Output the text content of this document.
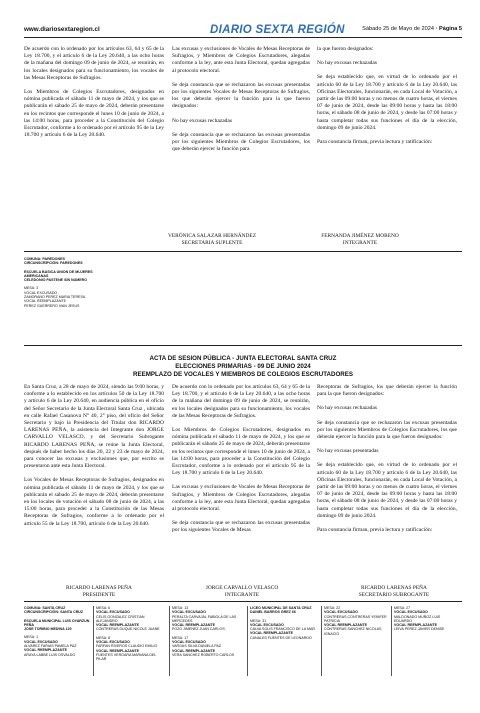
www.diariosextaregion.cl	DIARIO SEXTA REGIÓN	Sábado 25 de Mayo de 2024 · Página 5

De acuerdo con lo ordenado por los artículos 63, 64 y 65 de la Ley 18.700, y el artículo 6 de la Ley 20.640, a las ocho horas de la mañana del domingo 09 de junio de 2024, se reunirán, en los locales designados para su funcionamiento, los vocales de las Mesas Receptoras de Sufragios.

Los Miembros de Colegios Escrutadores, designados en nómina publicada el sábado 11 de mayo de 2024, y los que se publicarán el sábado 25 de mayo de 2024, deberán presentarse en los recintos que corresponde el lunes 10 de junio de 2024, a las 14:00 horas, para proceder a la Constitución del Colegio Escrutador, conforme a lo ordenado por el artículo 95 de la Ley 18.700 y artículo 6 de la Ley 20.640.

Las excusas y exclusiones de Vocales de Mesas Receptoras de Sufragios, y Miembros de Colegios Escrutadores, alegadas conforme a la ley, ante esta Junta Electoral, quedan agregadas al protocolo electoral.

Se deja constancia que se rechazaron las excusas presentadas por los siguientes Vocales de Mesas Receptoras de Sufragios, los que deberán ejercer la función para la que fueron designados:

No hay excusas rechazadas

Se deja constancia que se rechazaron las excusas presentadas por los siguientes Miembros de Colegios Escrutadores, los que deberán ejercer la función para

la que fueron designados:

No hay excusas rechazadas

Se deja establecido que, en virtud de lo ordenado por el artículo 60 de la Ley 18.700 y artículo 6 de la Ley 20.640, las Oficinas Electorales, funcionarán, en cada Local de Votación, a partir de las 09:00 horas y no menos de cuatro horas, el viernes 07 de junio de 2024, desde las 09:00 horas y hasta las 18:00 horas, el sábado 08 de junio de 2024, y desde las 07:00 horas y hasta completar todas sus funciones el día de la elección, domingo 09 de junio 2024.

Para constancia firman, previa lectura y ratificación:

VERÓNICA SALAZAR HERNÁNDEZ
SECRETARIA SUPLENTE
FERNANDA JIMÉNEZ MORENO
INTEGRANTE
COMUNA: PAREDONES
CIRCUNSCRIPCIÓN: PAREDONES
ESCUELA BASICA UNION DE MUJERES
AMERICANAS
CELEDONIO PASTENE SIN NUMERO
MESA: 3
VOCAL EXCUSADO
ZAMORANO PEREZ MARIA TERESA
VOCAL REEMPLAZANTE
PEREZ GUERRERO IVAN JESUS
ACTA DE SESION PÚBLICA - JUNTA ELECTORAL SANTA CRUZ
ELECCIONES PRIMARIAS - 09 DE JUNIO 2024
REEMPLAZO DE VOCALES Y MIEMBROS DE COLEGIOS ESCRUTADORES

En Santa Cruz, a 28 de mayo de 2024, siendo las 9:00 horas, y conforme a lo establecido en los artículos 50 de la Ley 18.700 y artículo 6 de la Ley 20.640, en audiencia pública en el oficio del Señor Secretario de la Junta Electoral Santa Cruz , ubicada en calle Rafael Casanova N° 40, 2° piso, del oficio del Señor Secretario y bajo la Presidencia del Titular don RICARDO LARENAS PEÑA, la asistencia del Integrante don JORGE CARVALLO VELASCO, y del Secretario Subrogante RICARDO LARENAS PEÑA, se reúne la Junta Electoral, después de haber hecho los días 20, 22 y 23 de mayo de 2024, para conocer las excusas y exclusiones que, por escrito se presentaron ante esta Junta Electoral.

Los Vocales de Mesas Receptoras de Sufragios, designados en nómina publicada el sábado 11 de mayo de 2024, y los que se publicarán el sábado 25 de mayo de 2024, deberán presentarse en los locales de votación el sábado 08 de junio de 2024, a las 15:00 horas, para proceder a la Constitución de las Mesas Receptoras de Sufragios, conforme a lo ordenado por el artículo 55 de la Ley 18.700, artículo 6 de la Ley 20.640.

De acuerdo con lo ordenado por los artículos 63, 64 y 65 de la Ley 18.700, y el artículo 6 de la Ley 20.640, a las ocho horas de la mañana del domingo 09 de junio de 2024, se reunirán, en los locales designados para su funcionamiento, los vocales de las Mesas Receptoras de Sufragios.

Los Miembros de Colegios Escrutadores, designados en nómina publicada el sábado 11 de mayo de 2024, y los que se publicarán el sábado 25 de mayo de 2024, deberán presentarse en los recintos que corresponde el lunes 10 de junio de 2024, a las 14:00 horas, para proceder a la Constitución del Colegio Escrutador, conforme a lo ordenado por el artículo 95 de la Ley 18.700 y artículo 6 de la Ley 20.640.

Las excusas y exclusiones de Vocales de Mesas Receptoras de Sufragios, y Miembros de Colegios Escrutadores, alegadas conforme a la ley, ante esta Junta Electoral, quedan agregadas al protocolo electoral.

Se deja constancia que se rechazaron las excusas presentadas por los siguientes Vocales de Mesas

Receptoras de Sufragios, los que deberán ejercer la función para la que fueron designados:

No hay excusas rechazadas

Se deja constancia que se rechazaron las excusas presentadas por los siguientes Miembros de Colegios Escrutadores, los que deberán ejercer la función para la que fueron designados:

No hay excusas presentadas

Se deja establecido que, en virtud de lo ordenado por el artículo 60 de la Ley 18.700 y artículo 6 de la Ley 20.640, las Oficinas Electorales, funcionarán, en cada Local de Votación, a partir de las 09:00 horas y no menos de cuatro horas, el viernes 07 de junio de 2024, desde las 09:00 horas y hasta las 18:00 horas, el sábado 08 de junio de 2024, y desde las 07:00 horas y hasta completar todas sus funciones el día de la elección, domingo 09 de junio 2024.

Para constancia firman, previa lectura y ratificación:

RICARDO LARENAS PEÑA
PRESIDENTE
JORGE CARVALLO VELASCO
INTEGRANTE
RICARDO LARENAS PEÑA
SECRETARIO SUBROGANTE
COMUNA: SANTA CRUZ
CIRCUNSCRIPCIÓN: SANTA CRUZ
ESCUELA MUNICIPAL LUIS OYARZUN PEÑA
JOSE TORIBIO MEDINA 129
MESA: 1
VOCAL EXCUSADO
ALVAREZ FARIAS PAMELA PAZ
VOCAL REEMPLAZANTE
ARAYA LABBE LUIS OSVALDO
MESA: 6
VOCAL EXCUSADO
CELIS GONZALEZ CRISTIAN ALEJANDRO
VOCAL REEMPLAZANTE
CONTRERAS DUQUE NICOLE JUANE
MESA: 8
VOCAL EXCUSADO
FARFAN RIVEROS CLAUDIO EMILIO
VOCAL REEMPLAZANTE
FUENTES VERGARA MARIANA DEL PILAR
MESA: 13
VOCAL EXCUSADO
PERALTA CARVAJAL FABIOLA DE LAS MERCEDES
VOCAL REEMPLAZANTE
POZO JIMENEZ JUAN CARLOS
MESA: 17
VOCAL EXCUSADO
VARGAS SILVA DANIELA PAZ
VOCAL REEMPLAZANTE
VERA SANCHEZ ROBERTO CARLOS
LICEO MUNICIPAL DE SANTA CRUZ
DANIEL BARROS GREZ 66
MESA: 31
VOCAL EXCUSADO
CALVA SOLIS FRANCISCO DE LA MAR
VOCAL REEMPLAZANTE
CANALES FUENTES DE LEONARDO
MESA: 22
VOCAL EXCUSADO
CONTRERAS CONTRERAS YENIFER PATRICIA
VOCAL REEMPLAZANTE
CONTRERAS SANCHEZ NICOLAS IGNACIO
MESA: 27
VOCAL EXCUSADO
MALDONADO MUÑOZ LUIS EDUARDO
VOCAL REEMPLAZANTE
LEIVA PEREZ JAVIER DENISE
